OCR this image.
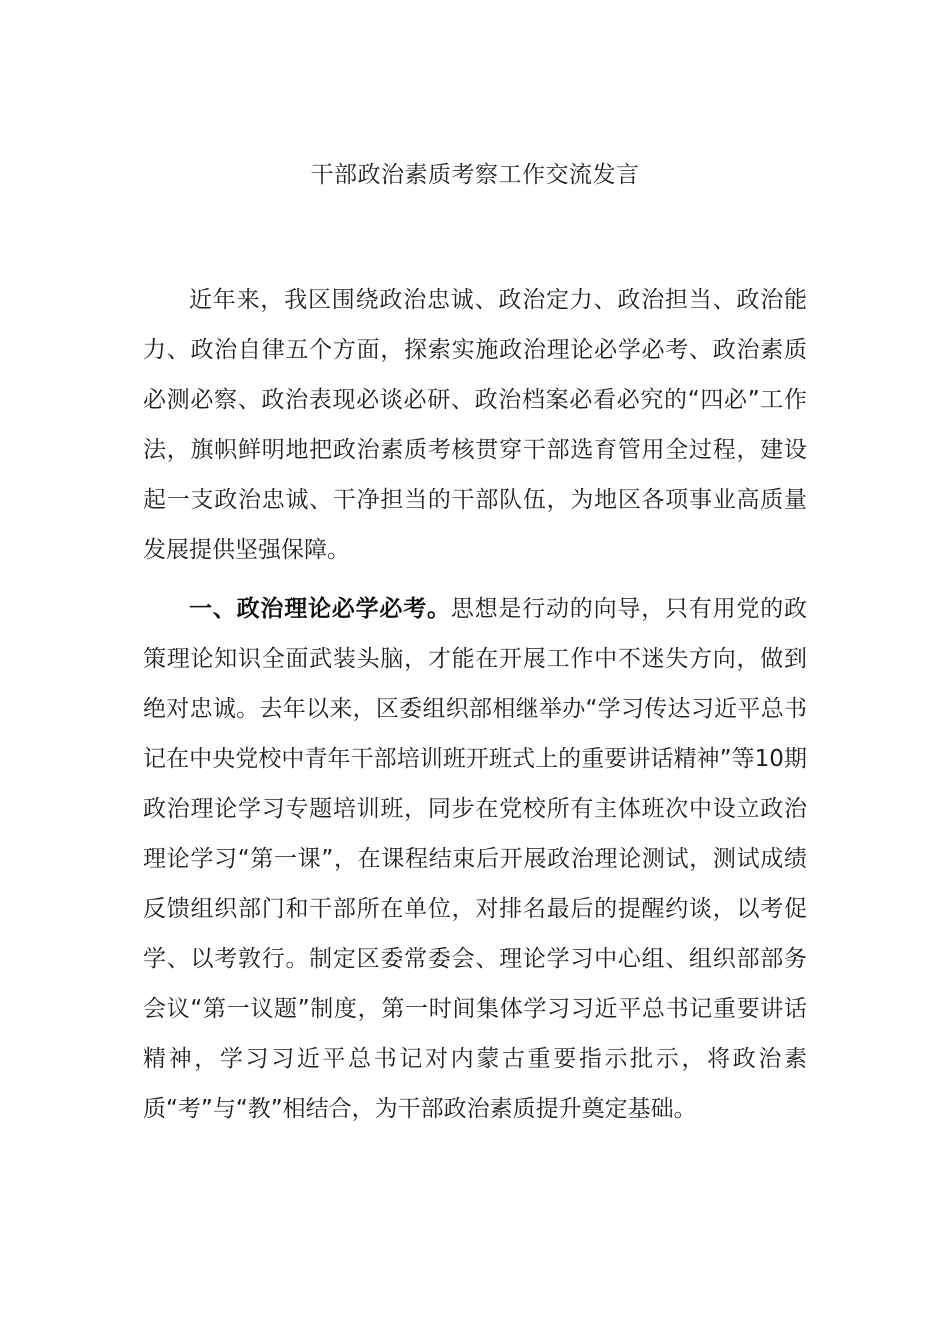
干部政治素质考察工作交流发言

近年来，我区围绕政治忠诚、政治定力、政治担当、政治能力、政治自律五个方面，探索实施政治理论必学必考、政治素质必测必察、政治表现必谈必研、政治档案必看必究的“四必”工作法，旗帜鲜明地把政治素质考核贯穿干部选育管用全过程，建设起一支政治忠诚、干净担当的干部队伍，为地区各项事业高质量发展提供坚强保障。

一、政治理论必学必考。思想是行动的向导，只有用党的政策理论知识全面武装头脑，才能在开展工作中不迷失方向，做到绝对忠诚。去年以来，区委组织部相继举办“学习传达习近平总书记在中央党校中青年干部培训班开班式上的重要讲话精神”等10期政治理论学习专题培训班，同步在党校所有主体班次中设立政治理论学习“第一课”，在课程结束后开展政治理论测试，测试成绩反馈组织部门和干部所在单位，对排名最后的提醒约谈，以考促学、以考敦行。制定区委常委会、理论学习中心组、组织部部务会议“第一议题”制度，第一时间集体学习习近平总书记重要讲话精神，学习习近平总书记对内蒙古重要指示批示，将政治素质“考”与“教”相结合，为干部政治素质提升奠定基础。
